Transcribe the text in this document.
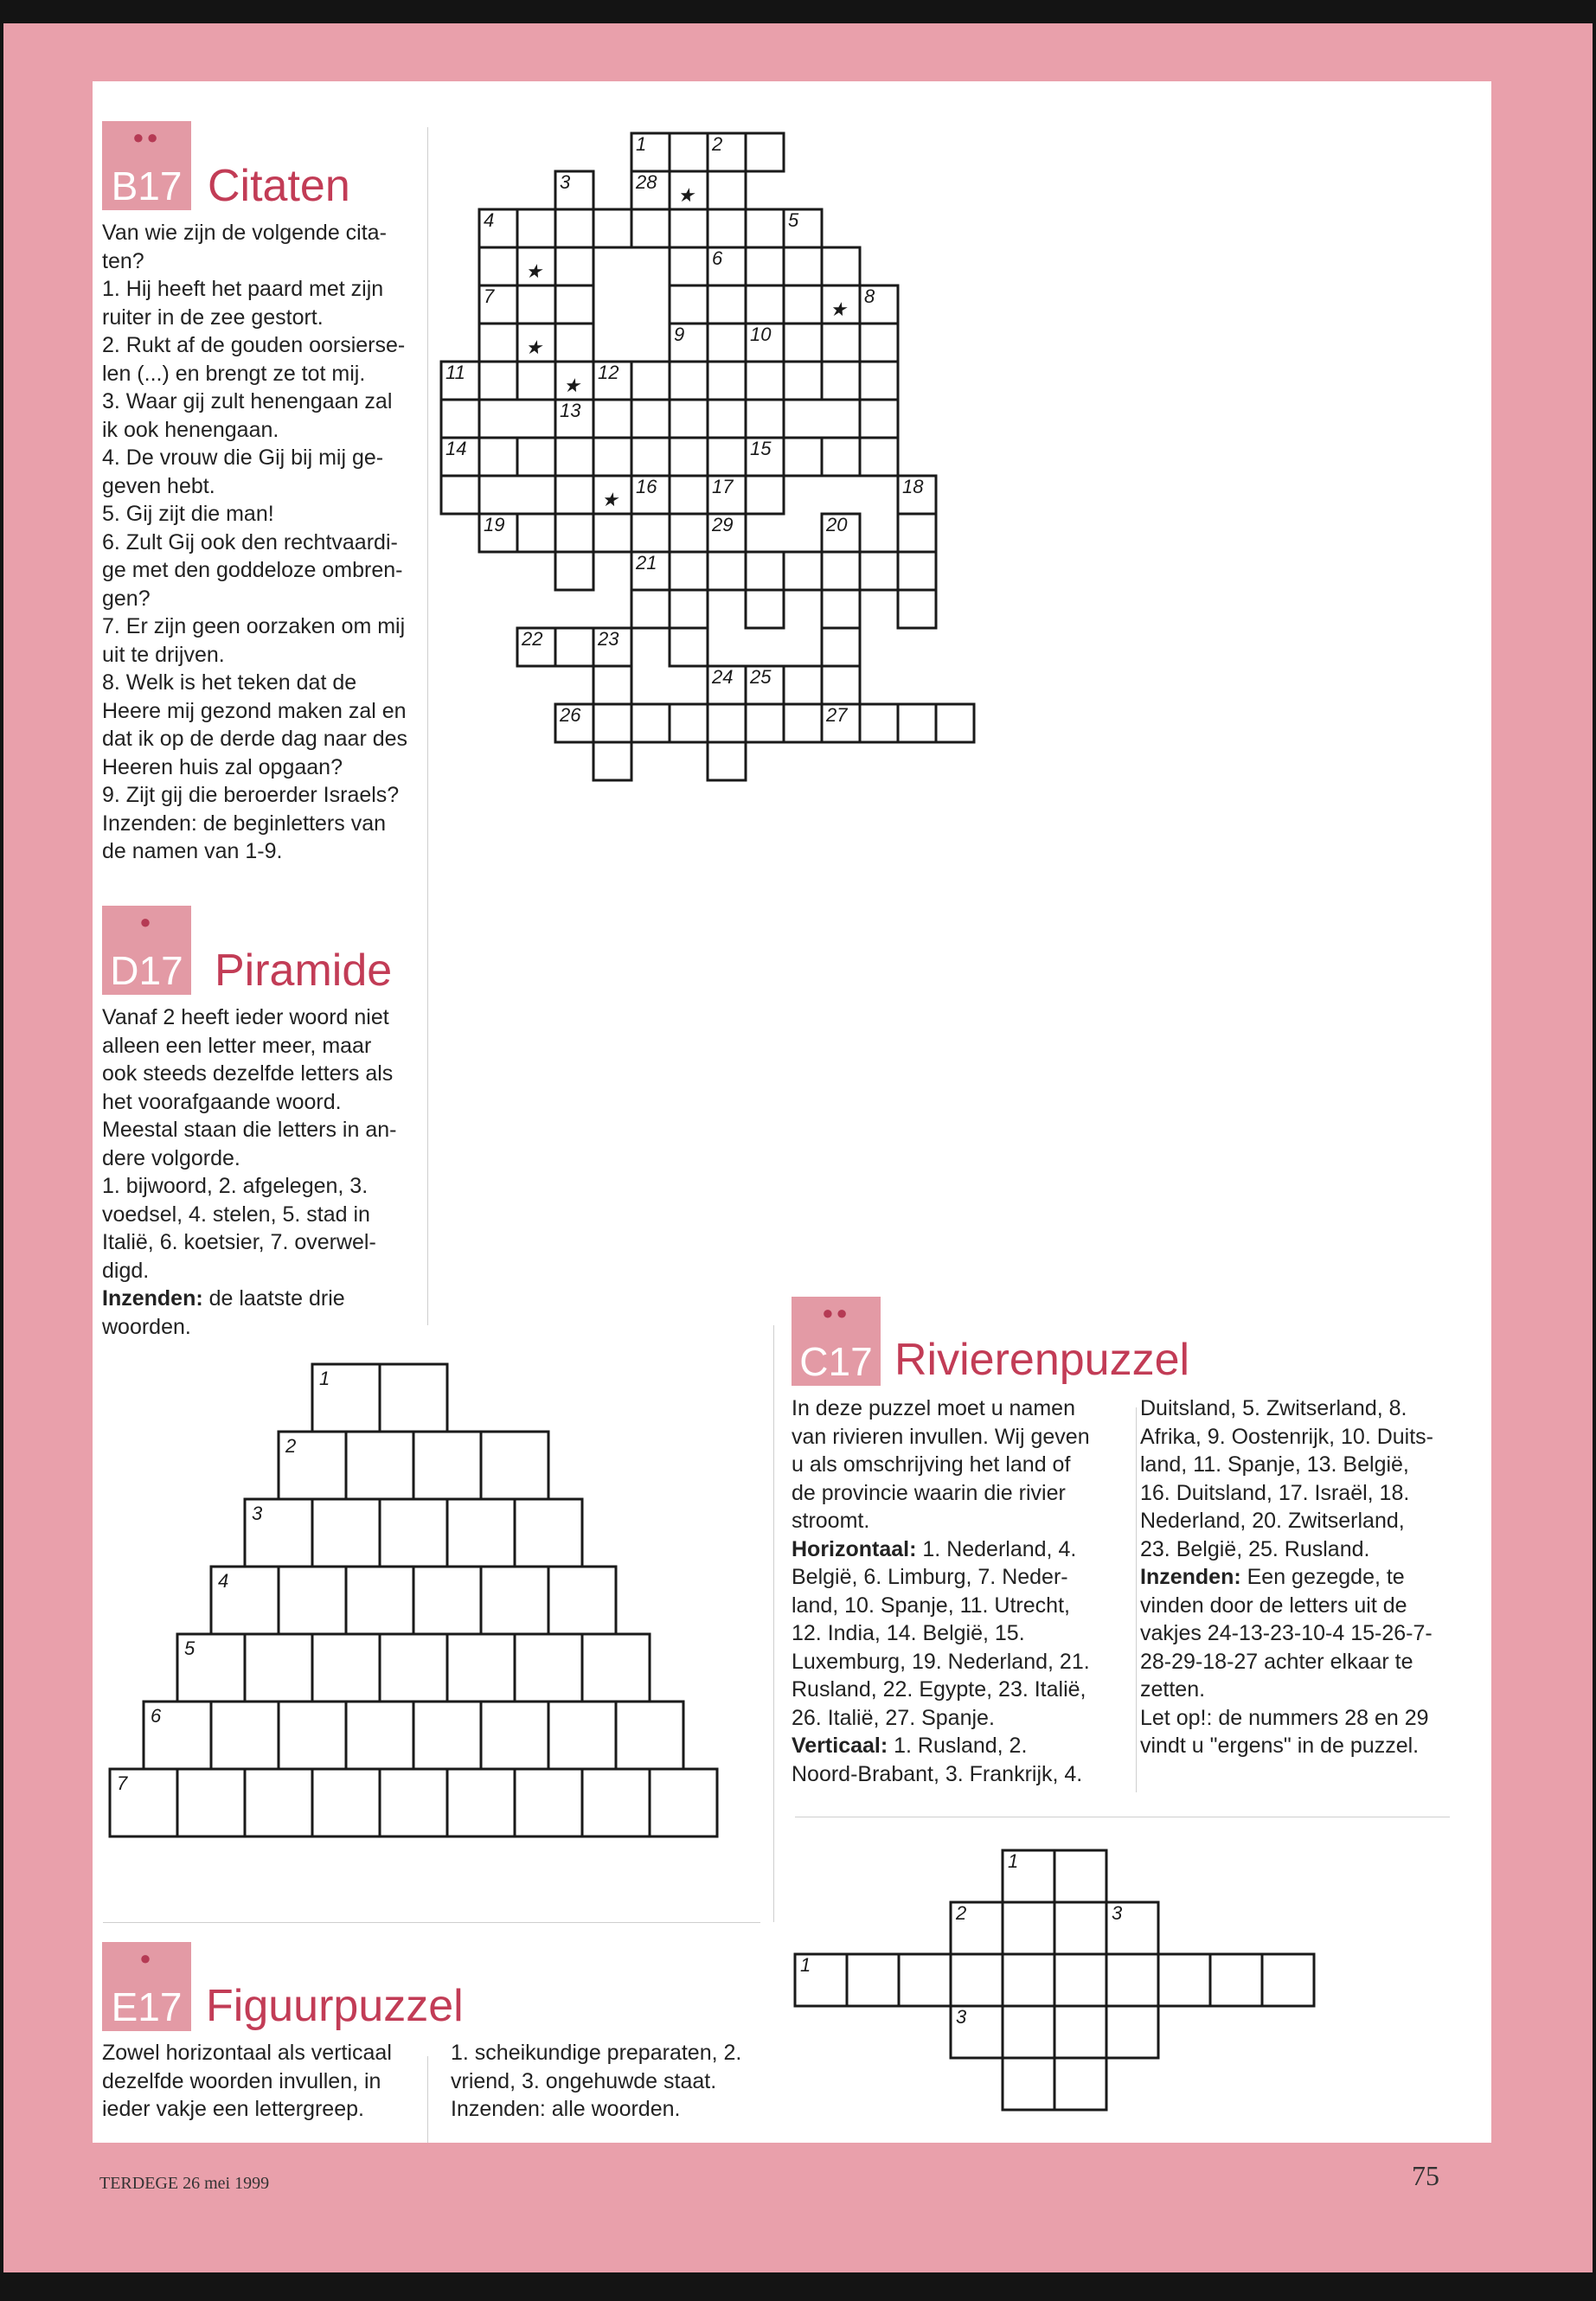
●●
B17 Citaten
Van wie zijn de volgende cita-
ten?
1. Hij heeft het paard met zijn
ruiter in de zee gestort.
2. Rukt af de gouden oorsierse-
len (...) en brengt ze tot mij.
3. Waar gij zult henengaan zal
ik ook henengaan.
4. De vrouw die Gij bij mij ge-
geven hebt.
5. Gij zijt die man!
6. Zult Gij ook den rechtvaardi-
ge met den goddeloze ombren-
gen?
7. Er zijn geen oorzaken om mij
uit te drijven.
8. Welk is het teken dat de
Heere mij gezond maken zal en
dat ik op de derde dag naar des
Heeren huis zal opgaan?
9. Zijt gij die beroerder Israels?
Inzenden: de beginletters van
de namen van 1-9.
●
D17 Piramide
Vanaf 2 heeft ieder woord niet
alleen een letter meer, maar
ook steeds dezelfde letters als
het voorafgaande woord.
Meestal staan die letters in an-
dere volgorde.
1. bijwoord, 2. afgelegen, 3.
voedsel, 4. stelen, 5. stad in
Italië, 6. koetsier, 7. overwel-
digd.
Inzenden: de laatste drie
woorden.
●●
C17 Rivierenpuzzel
In deze puzzel moet u namen
van rivieren invullen. Wij geven
u als omschrijving het land of
de provincie waarin die rivier
stroomt.
Horizontaal: 1. Nederland, 4.
België, 6. Limburg, 7. Neder-
land, 10. Spanje, 11. Utrecht,
12. India, 14. België, 15.
Luxemburg, 19. Nederland, 21.
Rusland, 22. Egypte, 23. Italië,
26. Italië, 27. Spanje.
Verticaal: 1. Rusland, 2.
Noord-Brabant, 3. Frankrijk, 4.
Duitsland, 5. Zwitserland, 8.
Afrika, 9. Oostenrijk, 10. Duits-
land, 11. Spanje, 13. België,
16. Duitsland, 17. Israël, 18.
Nederland, 20. Zwitserland,
23. België, 25. Rusland.
Inzenden: Een gezegde, te
vinden door de letters uit de
vakjes 24-13-23-10-4 15-26-7-
28-29-18-27 achter elkaar te
zetten.
Let op!: de nummers 28 en 29
vindt u "ergens" in de puzzel.
●
E17 Figuurpuzzel
Zowel horizontaal als verticaal
dezelfde woorden invullen, in
ieder vakje een lettergreep.
1. scheikundige preparaten, 2.
vriend, 3. ongehuwde staat.
Inzenden: alle woorden.
1	2
3	28
4	5
6
7	8
9	10
11	12
13
14	15
16	17	18
19	29	20
21
22	23
24 25
26	27
★
★
★
★
★
★
1
2
3
4
5
6
7
1
2	3
1
3
TERDEGE 26 mei 1999	75
